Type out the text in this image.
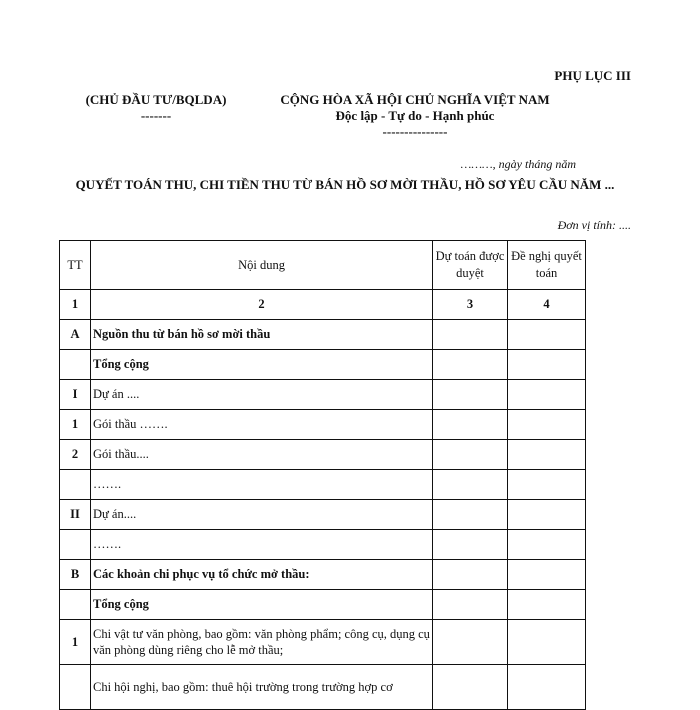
PHỤ LỤC III
(CHỦ ĐẦU TƯ/BQLDA)
-------
CỘNG HÒA XÃ HỘI CHỦ NGHĨA VIỆT NAM
Độc lập - Tự do - Hạnh phúc
---------------
………, ngày tháng năm
QUYẾT TOÁN THU, CHI TIỀN THU TỪ BÁN HỒ SƠ MỜI THẦU, HỒ SƠ YÊU CẦU NĂM ...
Đơn vị tính: ....
TT	Nội dung	Dự toán được duyệt	Đề nghị quyết toán
1	2	3	4
A	Nguồn thu từ bán hồ sơ mời thầu		
	Tổng cộng		
I	Dự án ....		
1	Gói thầu …….		
2	Gói thầu....		
	…….		
II	Dự án....		
	…….		
B	Các khoản chi phục vụ tổ chức mở thầu:		
	Tổng cộng		
1	Chi vật tư văn phòng, bao gồm: văn phòng phẩm; công cụ, dụng cụ văn phòng dùng riêng cho lễ mở thầu;		
	Chi hội nghị, bao gồm: thuê hội trường trong trường hợp cơ		
